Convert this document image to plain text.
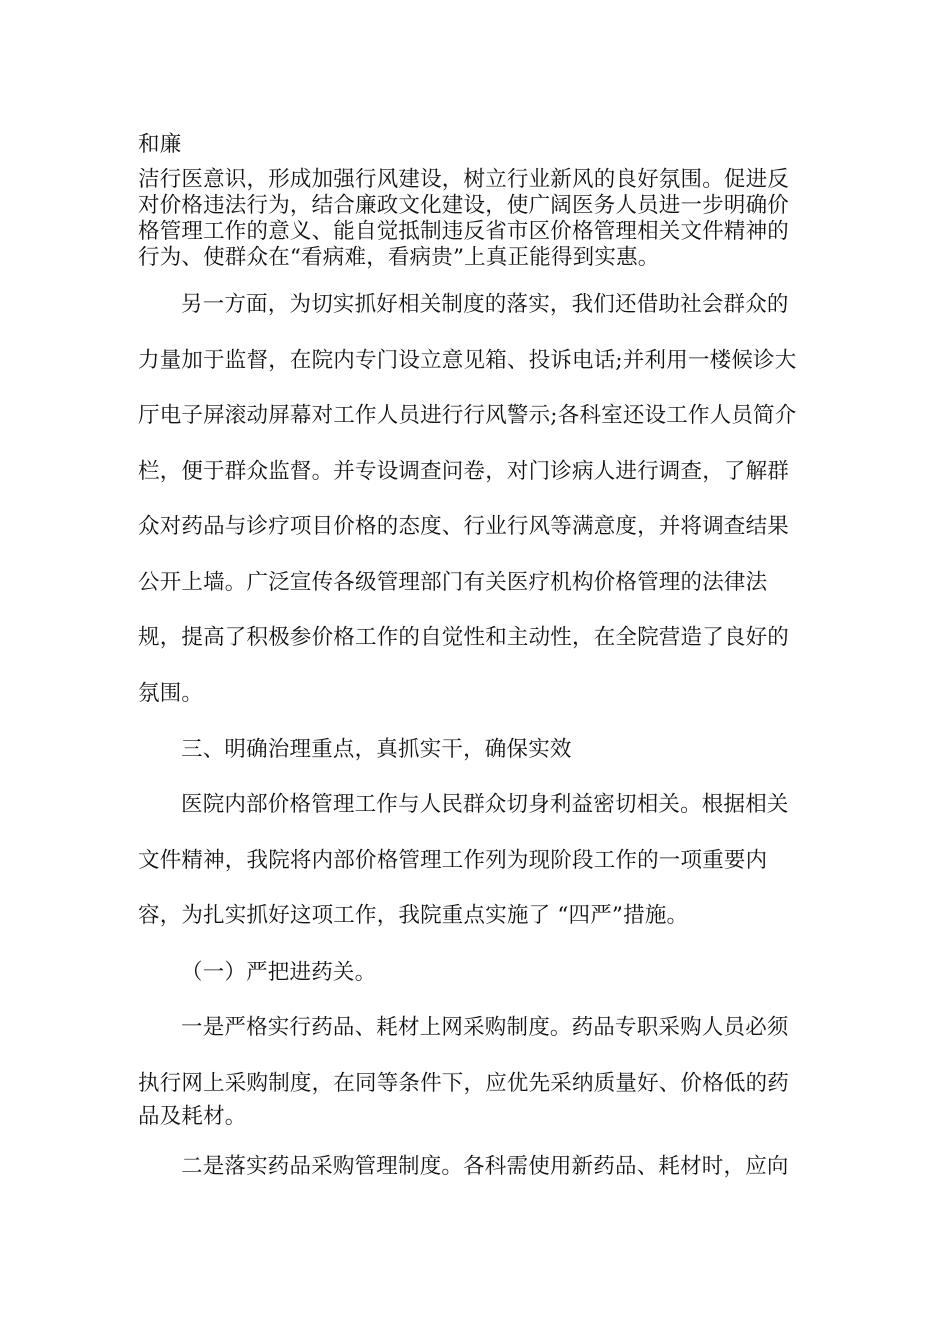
和廉
洁行医意识，形成加强行风建设，树立行业新风的良好氛围。促进反
对价格违法行为，结合廉政文化建设，使广阔医务人员进一步明确价
格管理工作的意义、能自觉抵制违反省市区价格管理相关文件精神的
行为、使群众在“看病难，看病贵”上真正能得到实惠。
另一方面，为切实抓好相关制度的落实，我们还借助社会群众的
力量加于监督，在院内专门设立意见箱、投诉电话;并利用一楼候诊大
厅电子屏滚动屏幕对工作人员进行行风警示;各科室还设工作人员简介
栏，便于群众监督。并专设调查问卷，对门诊病人进行调查，了解群
众对药品与诊疗项目价格的态度、行业行风等满意度，并将调查结果
公开上墙。广泛宣传各级管理部门有关医疗机构价格管理的法律法
规，提高了积极参价格工作的自觉性和主动性，在全院营造了良好的
氛围。
三、明确治理重点，真抓实干，确保实效
医院内部价格管理工作与人民群众切身利益密切相关。根据相关
文件精神，我院将内部价格管理工作列为现阶段工作的一项重要内
容，为扎实抓好这项工作，我院重点实施了 “四严”措施。
（一）严把进药关。
一是严格实行药品、耗材上网采购制度。药品专职采购人员必须
执行网上采购制度，在同等条件下，应优先采纳质量好、价格低的药
品及耗材。
二是落实药品采购管理制度。各科需使用新药品、耗材时，应向
